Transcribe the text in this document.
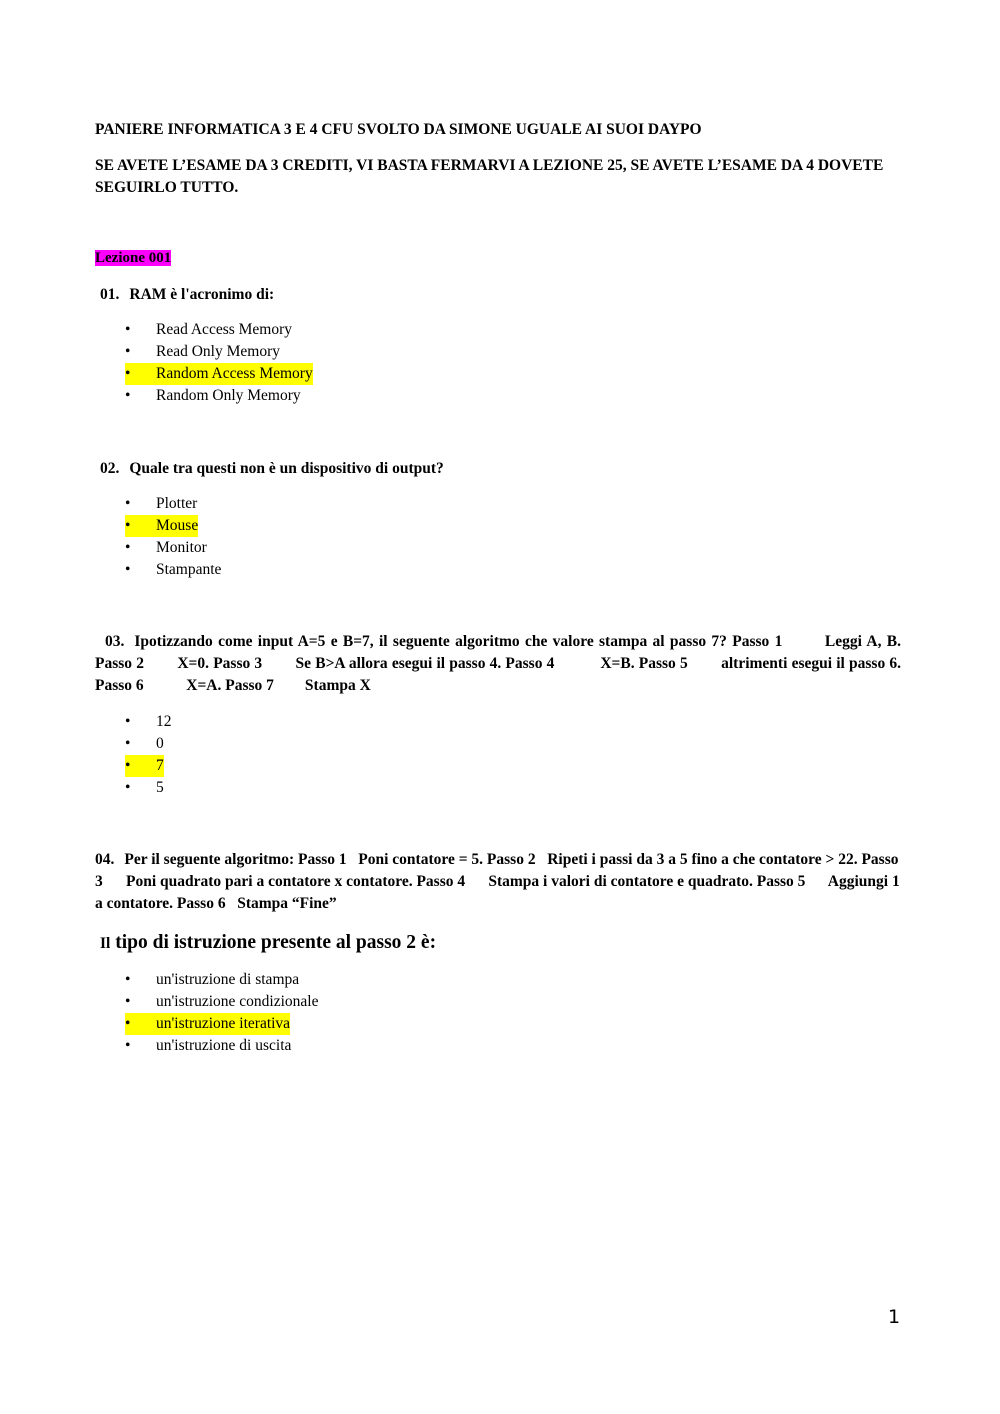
PANIERE INFORMATICA 3 E 4 CFU SVOLTO DA SIMONE UGUALE AI SUOI DAYPO

SE AVETE L’ESAME DA 3 CREDITI, VI BASTA FERMARVI A LEZIONE 25, SE AVETE L’ESAME DA 4 DOVETE SEGUIRLO TUTTO.

Lezione 001

01. RAM è l'acronimo di:

• Read Access Memory
• Read Only Memory
•	Random Access Memory
• Random Only Memory

02. Quale tra questi non è un dispositivo di output?

• Plotter
•	Mouse
• Monitor
• Stampante

03. Ipotizzando come input A=5 e B=7, il seguente algoritmo che valore stampa al passo 7? Passo 1        Leggi A, B. Passo 2        X=0. Passo 3        Se B>A allora esegui il passo 4. Passo 4           X=B. Passo 5        altrimenti esegui il passo 6. Passo 6           X=A. Passo 7        Stampa X

• 12
• 0
•	7
• 5

04. Per il seguente algoritmo: Passo 1   Poni contatore = 5. Passo 2   Ripeti i passi da 3 a 5 fino a che contatore > 22. Passo 3      Poni quadrato pari a contatore x contatore. Passo 4      Stampa i valori di contatore e quadrato. Passo 5      Aggiungi 1 a contatore. Passo 6   Stampa “Fine”

Il tipo di istruzione presente al passo 2 è:

• un'istruzione di stampa
• un'istruzione condizionale
•	un'istruzione iterativa
• un'istruzione di uscita
1
